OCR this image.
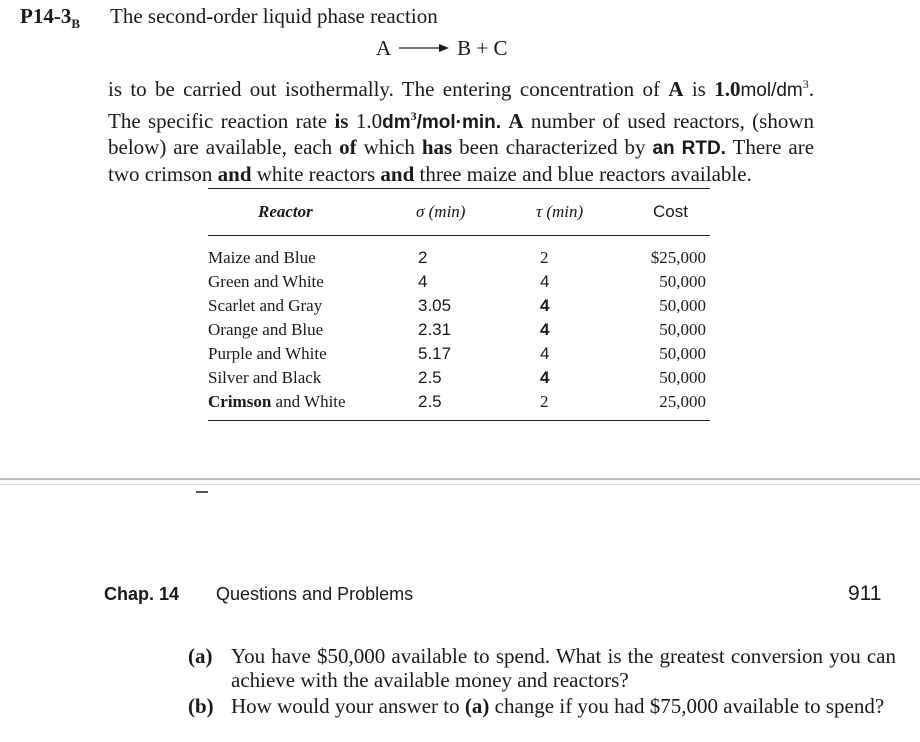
$P14-3_B$ The second-order liquid phase reaction
A → B + C
is to be carried out isothermally. The entering concentration of A is $1.0mol/dm^3$. The specific reaction rate is $1.0dm^3/mol\cdot\min$. A number of used reactors, (shown below) are available, each of which has been characterized by an RTD. There are two crimson and white reactors and three maize and blue reactors available.
Reactor	σ (min)	τ (min)	Cost
Maize and Blue	2	2	$25,000
Green and White	4	4	50,000
Scarlet and Gray	3.05	4	50,000
Orange and Blue	2.31	4	50,000
Purple and White	5.17	4	50,000
Silver and Black	2.5	4	50,000
Crimson and White	2.5	2	25,000
Chap. 14 Questions and Problems	911
(a) You have $50,000 available to spend. What is the greatest conversion you can achieve with the available money and reactors?
(b) How would your answer to (a) change if you had $75,000 available to spend?
